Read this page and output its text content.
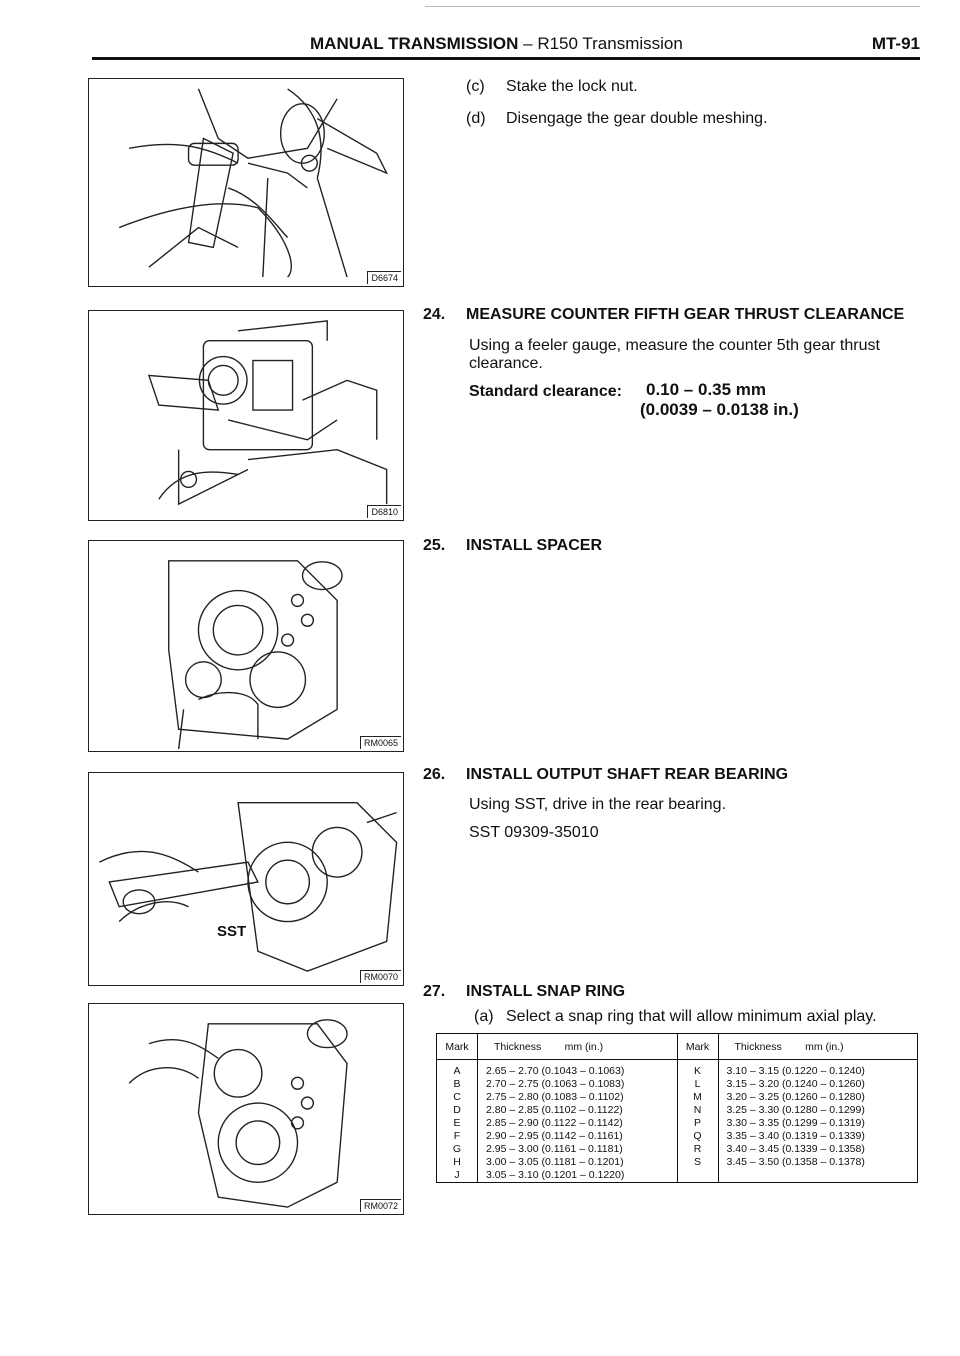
MANUAL TRANSMISSION – R150 Transmission	MT-91
D6674
D6810
RM0065
SST
RM0070
RM0072
(c) Stake the lock nut.
(d) Disengage the gear double meshing.
24. MEASURE COUNTER FIFTH GEAR THRUST CLEARANCE
Using a feeler gauge, measure the counter 5th gear thrust
clearance.
Standard clearance: 0.10 – 0.35 mm
(0.0039 – 0.0138 in.)
25. INSTALL SPACER
26. INSTALL OUTPUT SHAFT REAR BEARING
Using SST, drive in the rear bearing.
SST 09309-35010
27. INSTALL SNAP RING
(a) Select a snap ring that will allow minimum axial play.
Mark	Thickness mm (in.)	Mark	Thickness mm (in.)
A	2.65 – 2.70 (0.1043 – 0.1063)	K	3.10 – 3.15 (0.1220 – 0.1240)
B	2.70 – 2.75 (0.1063 – 0.1083)	L	3.15 – 3.20 (0.1240 – 0.1260)
C	2.75 – 2.80 (0.1083 – 0.1102)	M	3.20 – 3.25 (0.1260 – 0.1280)
D	2.80 – 2.85 (0.1102 – 0.1122)	N	3.25 – 3.30 (0.1280 – 0.1299)
E	2.85 – 2.90 (0.1122 – 0.1142)	P	3.30 – 3.35 (0.1299 – 0.1319)
F	2.90 – 2.95 (0.1142 – 0.1161)	Q	3.35 – 3.40 (0.1319 – 0.1339)
G	2.95 – 3.00 (0.1161 – 0.1181)	R	3.40 – 3.45 (0.1339 – 0.1358)
H	3.00 – 3.05 (0.1181 – 0.1201)	S	3.45 – 3.50 (0.1358 – 0.1378)
J	3.05 – 3.10 (0.1201 – 0.1220)		
